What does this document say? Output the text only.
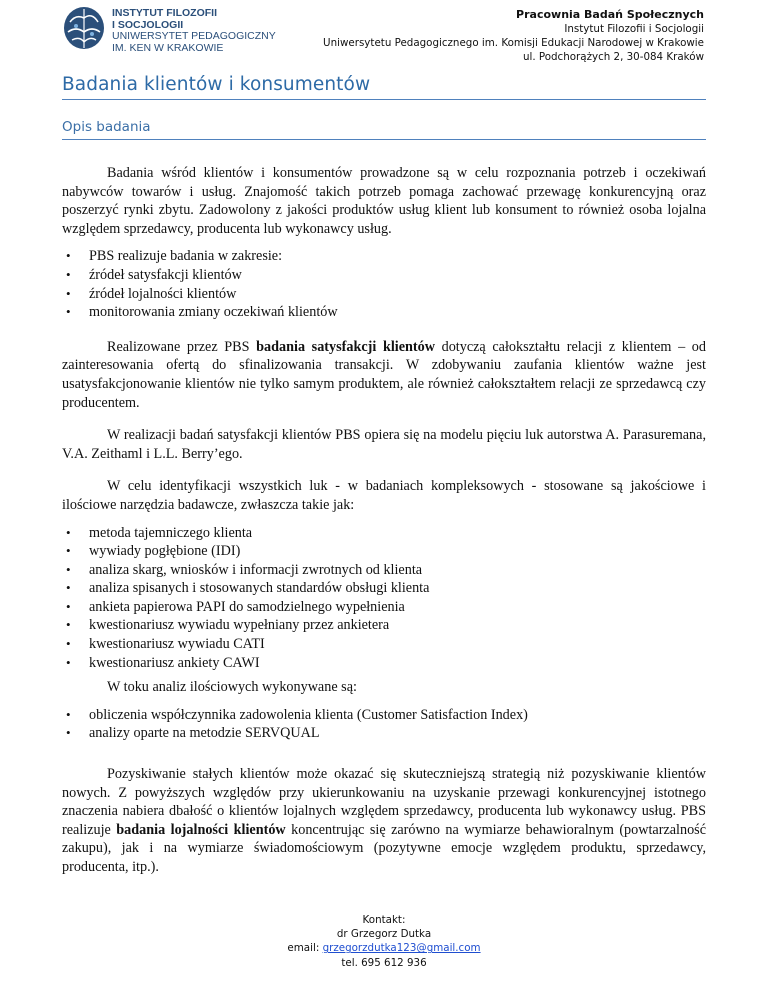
INSTYTUT FILOZOFII
I SOCJOLOGII
UNIWERSYTET PEDAGOGICZNY
IM. KEN W KRAKOWIE
Pracownia Badań Społecznych
Instytut Filozofii i Socjologii
Uniwersytetu Pedagogicznego im. Komisji Edukacji Narodowej w Krakowie
ul. Podchorążych 2, 30-084 Kraków
Badania klientów i konsumentów
Opis badania

Badania wśród klientów i konsumentów prowadzone są w celu rozpoznania potrzeb i oczekiwań nabywców towarów i usług. Znajomość takich potrzeb pomaga zachować przewagę konkurencyjną oraz poszerzyć rynki zbytu. Zadowolony z jakości produktów usług klient lub konsument to również osoba lojalna względem sprzedawcy, producenta lub wykonawcy usług.

• PBS realizuje badania w zakresie:
• źródeł satysfakcji klientów
• źródeł lojalności klientów
• monitorowania zmiany oczekiwań klientów

Realizowane przez PBS badania satysfakcji klientów dotyczą całokształtu relacji z klientem – od zainteresowania ofertą do sfinalizowania transakcji. W zdobywaniu zaufania klientów ważne jest usatysfakcjonowanie klientów nie tylko samym produktem, ale również całokształtem relacji ze sprzedawcą czy producentem.

W realizacji badań satysfakcji klientów PBS opiera się na modelu pięciu luk autorstwa A. Parasuremana, V.A. Zeithaml i L.L. Berry’ego.

W celu identyfikacji wszystkich luk - w badaniach kompleksowych - stosowane są jakościowe i ilościowe narzędzia badawcze, zwłaszcza takie jak:

• metoda tajemniczego klienta
• wywiady pogłębione (IDI)
• analiza skarg, wniosków i informacji zwrotnych od klienta
• analiza spisanych i stosowanych standardów obsługi klienta
• ankieta papierowa PAPI do samodzielnego wypełnienia
• kwestionariusz wywiadu wypełniany przez ankietera
• kwestionariusz wywiadu CATI
• kwestionariusz ankiety CAWI

W toku analiz ilościowych wykonywane są:

• obliczenia współczynnika zadowolenia klienta (Customer Satisfaction Index)
• analizy oparte na metodzie SERVQUAL

Pozyskiwanie stałych klientów może okazać się skuteczniejszą strategią niż pozyskiwanie klientów nowych. Z powyższych względów przy ukierunkowaniu na uzyskanie przewagi konkurencyjnej istotnego znaczenia nabiera dbałość o klientów lojalnych względem sprzedawcy, producenta lub wykonawcy usług. PBS realizuje badania lojalności klientów koncentrując się zarówno na wymiarze behawioralnym (powtarzalność zakupu), jak i na wymiarze świadomościowym (pozytywne emocje względem produktu, sprzedawcy, producenta, itp.).

Kontakt:
dr Grzegorz Dutka
email: grzegorzdutka123@gmail.com
tel. 695 612 936
